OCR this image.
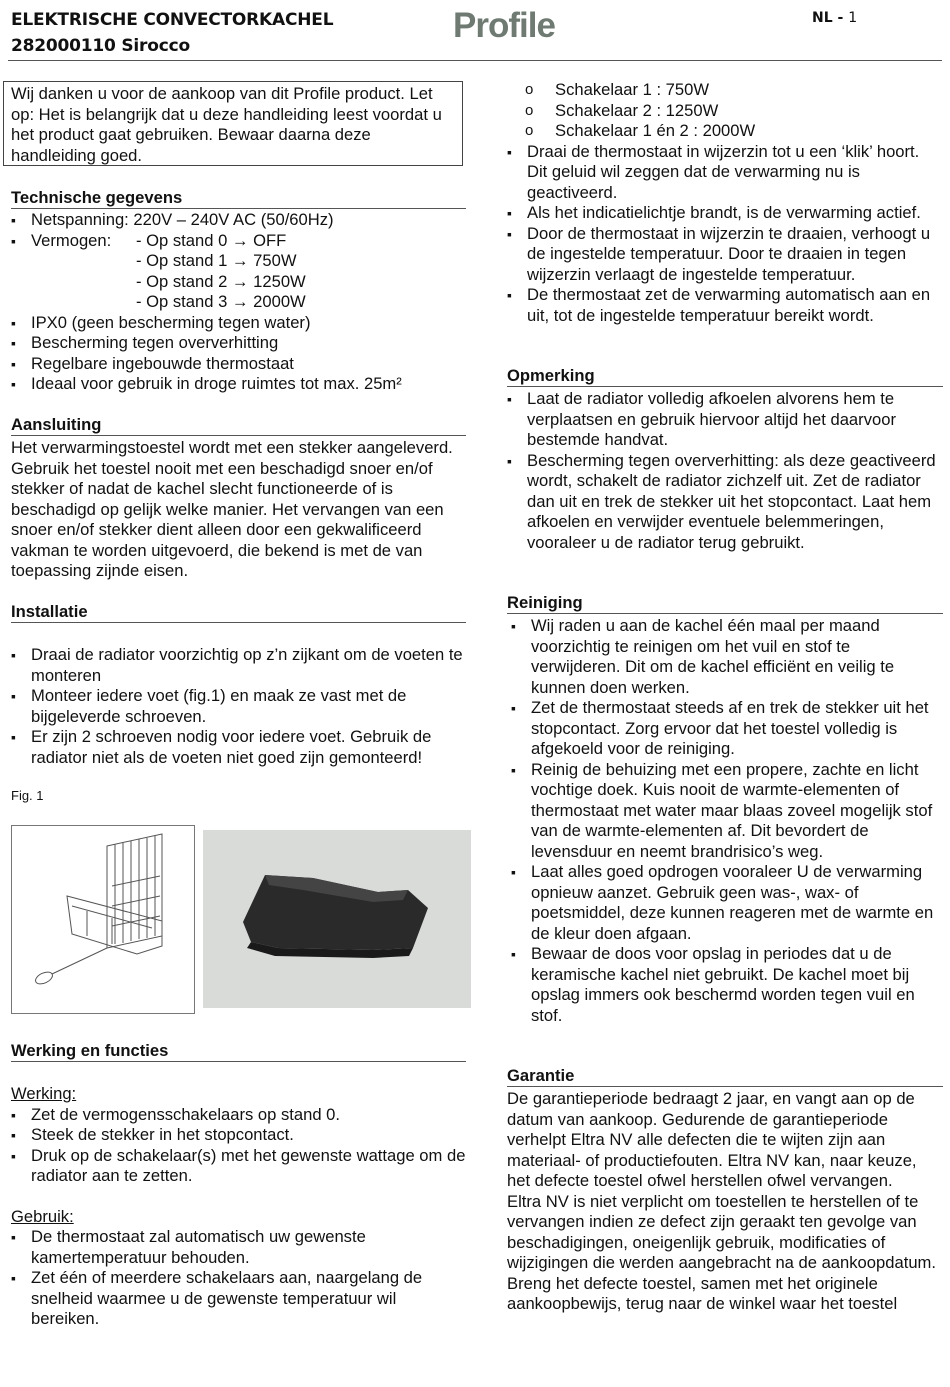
ELEKTRISCHE CONVECTORKACHEL
282000110 Sirocco
Profile	NL - 1
Wij danken u voor de aankoop van dit Profile product. Let op: Het is belangrijk dat u deze handleiding leest voordat u het product gaat gebruiken. Bewaar daarna deze handleiding goed.
Technische gegevens
▪ Netspanning: 220V – 240V AC (50/60Hz)
▪ Vermogen:	- Op stand 0 → OFF
- Op stand 1 → 750W
- Op stand 2 → 1250W
- Op stand 3 → 2000W
▪ IPX0 (geen bescherming tegen water)
▪ Bescherming tegen oververhitting
▪ Regelbare ingebouwde thermostaat
▪ Ideaal voor gebruik in droge ruimtes tot max. 25m²
Aansluiting
Het verwarmingstoestel wordt met een stekker aangeleverd. Gebruik het toestel nooit met een beschadigd snoer en/of stekker of nadat de kachel slecht functioneerde of is beschadigd op gelijk welke manier. Het vervangen van een snoer en/of stekker dient alleen door een gekwalificeerd vakman te worden uitgevoerd, die bekend is met de van toepassing zijnde eisen.
Installatie
▪ Draai de radiator voorzichtig op z’n zijkant om de voeten te monteren
▪ Monteer iedere voet (fig.1) en maak ze vast met de bijgeleverde schroeven.
▪ Er zijn 2 schroeven nodig voor iedere voet. Gebruik de radiator niet als de voeten niet goed zijn gemonteerd!
Fig. 1
Werking en functies
Werking:
▪ Zet de vermogensschakelaars op stand 0.
▪ Steek de stekker in het stopcontact.
▪ Druk op de schakelaar(s) met het gewenste wattage om de radiator aan te zetten.
Gebruik:
▪ De thermostaat zal automatisch uw gewenste kamertemperatuur behouden.
▪ Zet één of meerdere schakelaars aan, naargelang de snelheid waarmee u de gewenste temperatuur wil bereiken.
o Schakelaar 1 : 750W
o Schakelaar 2 : 1250W
o Schakelaar 1 én 2 : 2000W
▪ Draai de thermostaat in wijzerzin tot u een ‘klik’ hoort. Dit geluid wil zeggen dat de verwarming nu is geactiveerd.
▪ Als het indicatielichtje brandt, is de verwarming actief.
▪ Door de thermostaat in wijzerzin te draaien, verhoogt u de ingestelde temperatuur. Door te draaien in tegen wijzerzin verlaagt de ingestelde temperatuur.
▪ De thermostaat zet de verwarming automatisch aan en uit, tot de ingestelde temperatuur bereikt wordt.
Opmerking
▪ Laat de radiator volledig afkoelen alvorens hem te verplaatsen en gebruik hiervoor altijd het daarvoor bestemde handvat.
▪ Bescherming tegen oververhitting: als deze geactiveerd wordt, schakelt de radiator zichzelf uit. Zet de radiator dan uit en trek de stekker uit het stopcontact. Laat hem afkoelen en verwijder eventuele belemmeringen, vooraleer u de radiator terug gebruikt.
Reiniging
▪ Wij raden u aan de kachel één maal per maand voorzichtig te reinigen om het vuil en stof te verwijderen. Dit om de kachel efficiënt en veilig te kunnen doen werken.
▪ Zet de thermostaat steeds af en trek de stekker uit het stopcontact. Zorg ervoor dat het toestel volledig is afgekoeld voor de reiniging.
▪ Reinig de behuizing met een propere, zachte en licht vochtige doek. Kuis nooit de warmte-elementen of thermostaat met water maar blaas zoveel mogelijk stof van de warmte-elementen af. Dit bevordert de levensduur en neemt brandrisico’s weg.
▪ Laat alles goed opdrogen vooraleer U de verwarming opnieuw aanzet. Gebruik geen was-, wax- of poetsmiddel, deze kunnen reageren met de warmte en de kleur doen afgaan.
▪ Bewaar de doos voor opslag in periodes dat u de keramische kachel niet gebruikt. De kachel moet bij opslag immers ook beschermd worden tegen vuil en stof.
Garantie
De garantieperiode bedraagt 2 jaar, en vangt aan op de datum van aankoop. Gedurende de garantieperiode verhelpt Eltra NV alle defecten die te wijten zijn aan materiaal- of productiefouten. Eltra NV kan, naar keuze, het defecte toestel ofwel herstellen ofwel vervangen.
Eltra NV is niet verplicht om toestellen te herstellen of te vervangen indien ze defect zijn geraakt ten gevolge van beschadigingen, oneigenlijk gebruik, modificaties of wijzigingen die werden aangebracht na de aankoopdatum.
Breng het defecte toestel, samen met het originele aankoopbewijs, terug naar de winkel waar het toestel
